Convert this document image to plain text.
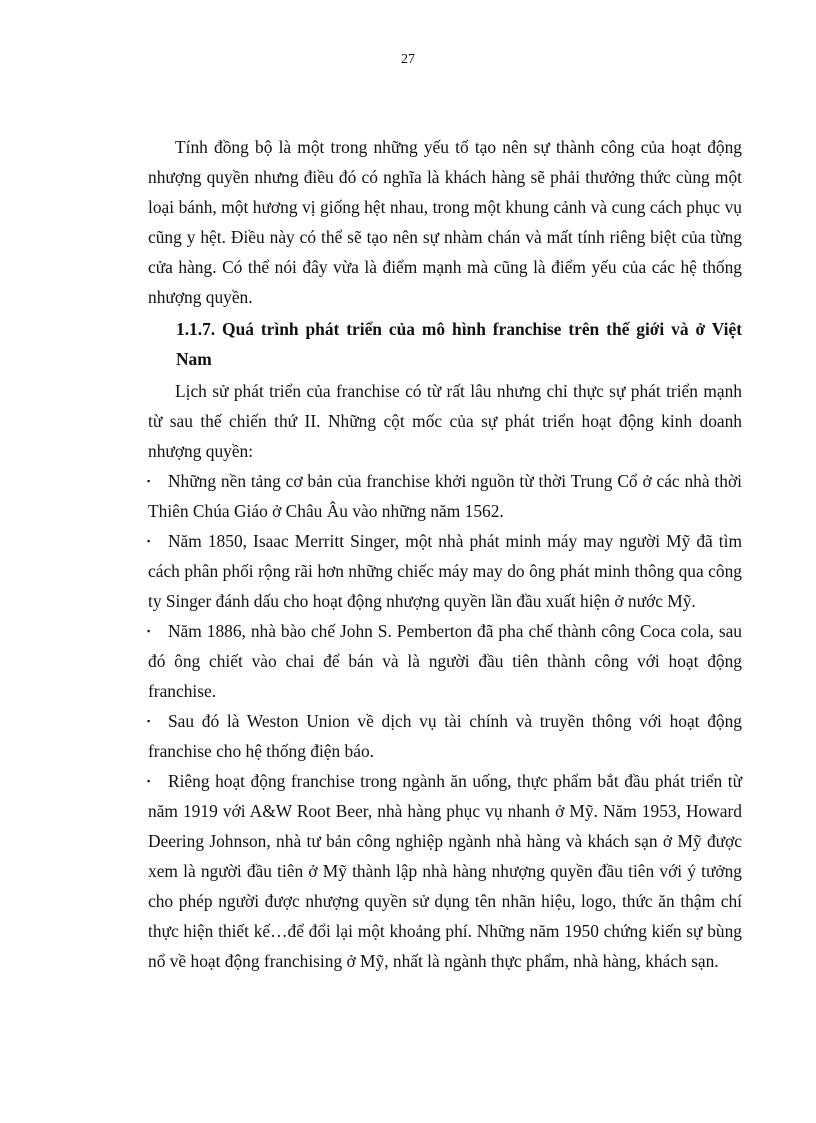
27

Tính đồng bộ là một trong những yếu tố tạo nên sự thành công của hoạt động nhượng quyền nhưng điều đó có nghĩa là khách hàng sẽ phải thưởng thức cùng một loại bánh, một hương vị giống hệt nhau, trong một khung cảnh và cung cách phục vụ cũng y hệt. Điều này có thể sẽ tạo nên sự nhàm chán và mất tính riêng biệt của từng cửa hàng. Có thể nói đây vừa là điểm mạnh mà cũng là điểm yếu của các hệ thống nhượng quyền.

1.1.7. Quá trình phát triển của mô hình franchise trên thế giới và ở Việt Nam

Lịch sử phát triển của franchise có từ rất lâu nhưng chỉ thực sự phát triển mạnh từ sau thế chiến thứ II. Những cột mốc của sự phát triển hoạt động kinh doanh nhượng quyền:

▪ Những nền tảng cơ bản của franchise khởi nguồn từ thời Trung Cổ ở các nhà thời Thiên Chúa Giáo ở Châu Âu vào những năm 1562.

▪ Năm 1850, Isaac Merritt Singer, một nhà phát minh máy may người Mỹ đã tìm cách phân phối rộng rãi hơn những chiếc máy may do ông phát minh thông qua công ty Singer đánh dấu cho hoạt động nhượng quyền lần đầu xuất hiện ở nước Mỹ.

▪ Năm 1886, nhà bào chế John S. Pemberton đã pha chế thành công Coca cola, sau đó ông chiết vào chai để bán và là người đầu tiên thành công với hoạt động franchise.

▪ Sau đó là Weston Union về dịch vụ tài chính và truyền thông với hoạt động franchise cho hệ thống điện báo.

▪ Riêng hoạt động franchise trong ngành ăn uống, thực phẩm bắt đầu phát triển từ năm 1919 với A&W Root Beer, nhà hàng phục vụ nhanh ở Mỹ. Năm 1953, Howard Deering Johnson, nhà tư bản công nghiệp ngành nhà hàng và khách sạn ở Mỹ được xem là người đầu tiên ở Mỹ thành lập nhà hàng nhượng quyền đầu tiên với ý tưởng cho phép người được nhượng quyền sử dụng tên nhãn hiệu, logo, thức ăn thậm chí thực hiện thiết kế…để đổi lại một khoảng phí. Những năm 1950 chứng kiến sự bùng nổ về hoạt động franchising ở Mỹ, nhất là ngành thực phẩm, nhà hàng, khách sạn.
